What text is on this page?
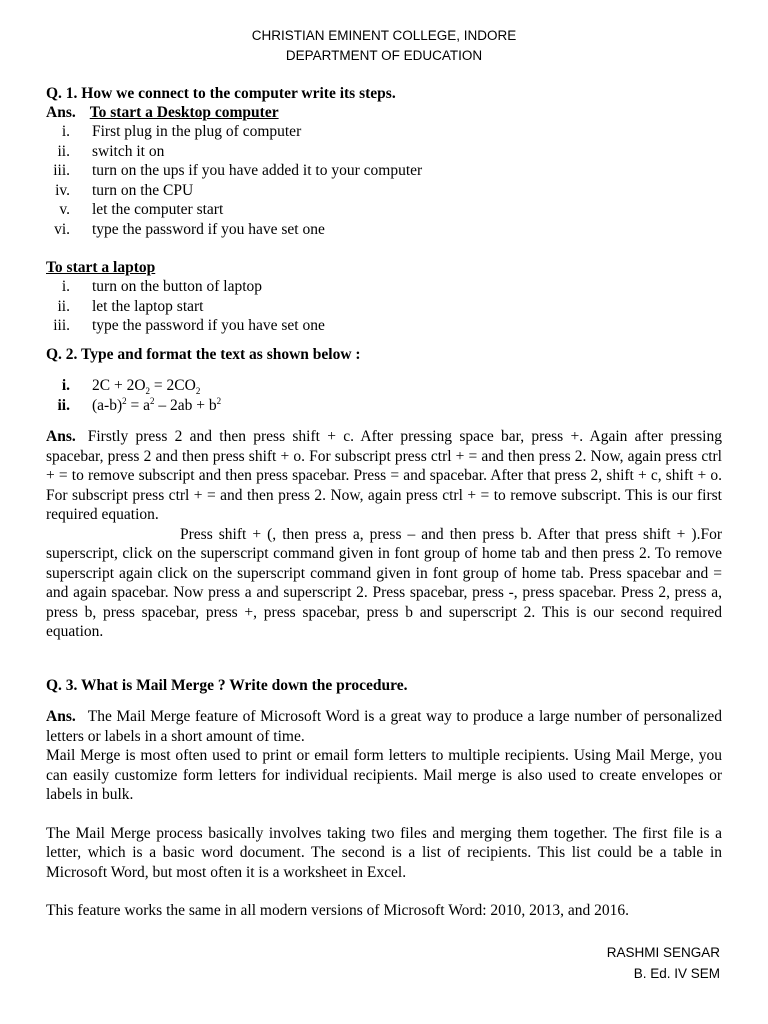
CHRISTIAN EMINENT COLLEGE, INDORE
DEPARTMENT OF EDUCATION
Q. 1. How we connect to the computer write its steps.
Ans. To start a Desktop computer
i. First plug in the plug of computer
ii. switch it on
iii. turn on the ups if you have added it to your computer
iv. turn on the CPU
v. let the computer start
vi. type the password if you have set one
To start a laptop
i. turn on the button of laptop
ii. let the laptop start
iii. type the password if you have set one
Q. 2. Type and format the text as shown below :
i. $2C + 2O_2 = 2CO_2$
ii. $(a-b)^2 = a^2 - 2ab + b^2$
Ans. Firstly press 2 and then press shift + c. After pressing space bar, press +. Again after pressing spacebar, press 2 and then press shift + o. For subscript press ctrl + = and then press 2. Now, again press ctrl + = to remove subscript and then press spacebar. Press = and spacebar. After that press 2, shift + c, shift + o. For subscript press ctrl + = and then press 2. Now, again press ctrl + = to remove subscript. This is our first required equation.
Press shift + (, then press a, press – and then press b. After that press shift + ).For superscript, click on the superscript command given in font group of home tab and then press 2. To remove superscript again click on the superscript command given in font group of home tab. Press spacebar and = and again spacebar. Now press a and superscript 2. Press spacebar, press -, press spacebar. Press 2, press a, press b, press spacebar, press +, press spacebar, press b and superscript 2. This is our second required equation.
Q. 3. What is Mail Merge ? Write down the procedure.
Ans. The Mail Merge feature of Microsoft Word is a great way to produce a large number of personalized letters or labels in a short amount of time.
Mail Merge is most often used to print or email form letters to multiple recipients. Using Mail Merge, you can easily customize form letters for individual recipients. Mail merge is also used to create envelopes or labels in bulk.
The Mail Merge process basically involves taking two files and merging them together. The first file is a letter, which is a basic word document. The second is a list of recipients. This list could be a table in Microsoft Word, but most often it is a worksheet in Excel.
This feature works the same in all modern versions of Microsoft Word: 2010, 2013, and 2016.
RASHMI SENGAR
B. Ed. IV SEM
